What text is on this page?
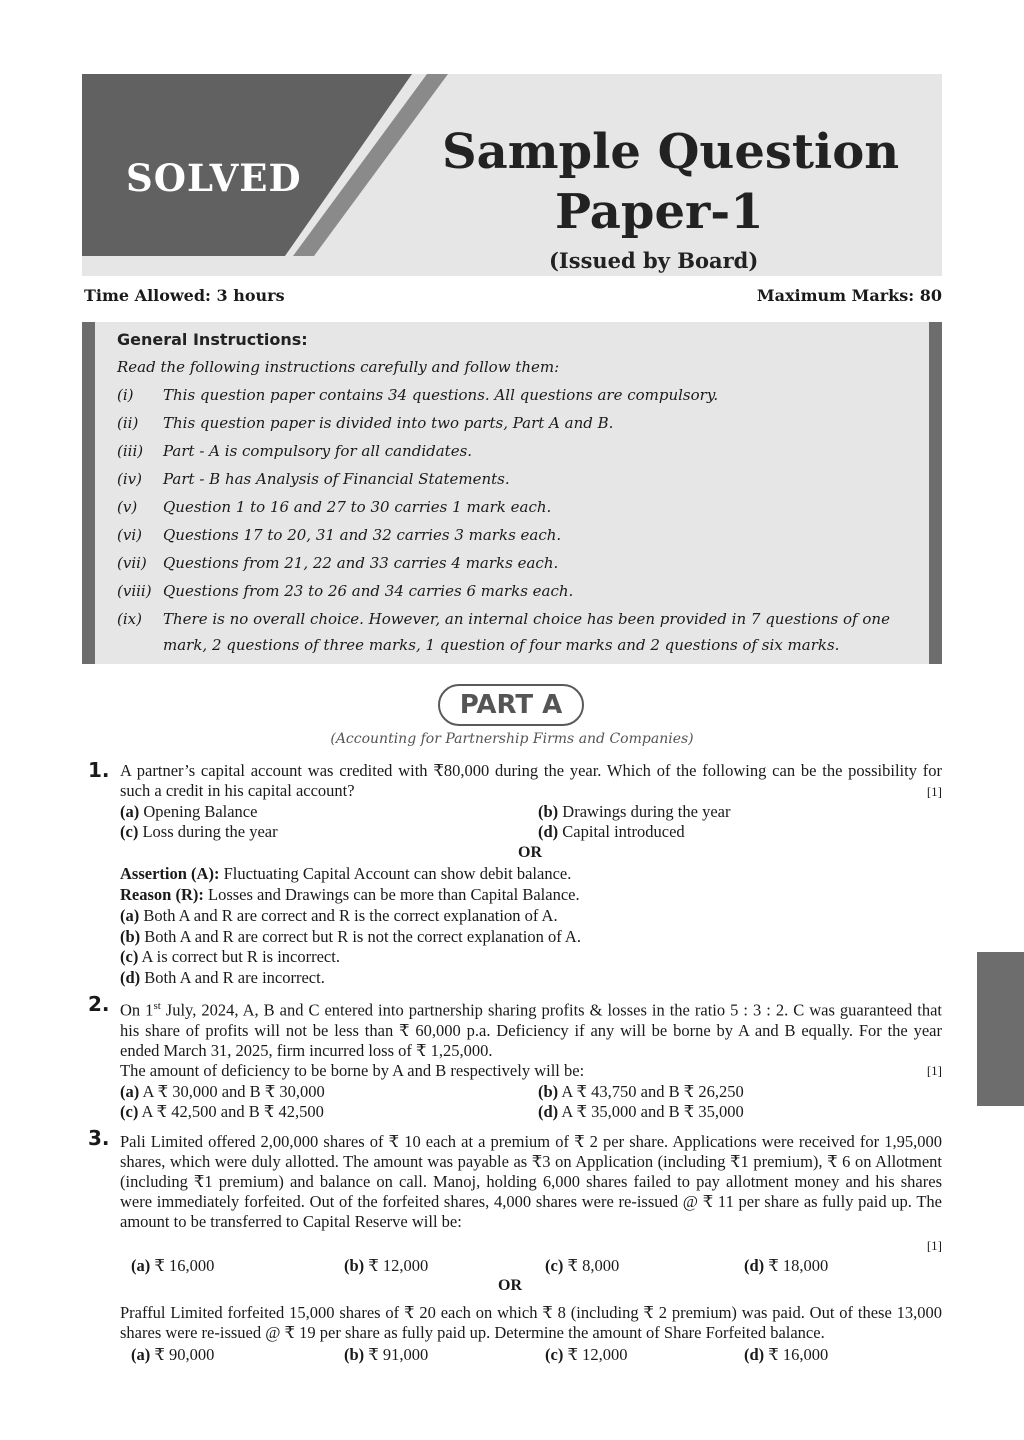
SOLVED	Sample Question
Paper-1
(Issued by Board)
Time Allowed: 3 hours	Maximum Marks: 80
General Instructions:
Read the following instructions carefully and follow them:
(i) This question paper contains 34 questions. All questions are compulsory.
(ii) This question paper is divided into two parts, Part A and B.
(iii) Part - A is compulsory for all candidates.
(iv) Part - B has Analysis of Financial Statements.
(v) Question 1 to 16 and 27 to 30 carries 1 mark each.
(vi) Questions 17 to 20, 31 and 32 carries 3 marks each.
(vii) Questions from 21, 22 and 33 carries 4 marks each.
(viii) Questions from 23 to 26 and 34 carries 6 marks each.
(ix) There is no overall choice. However, an internal choice has been provided in 7 questions of one mark, 2 questions of three marks, 1 question of four marks and 2 questions of six marks.
PART A
(Accounting for Partnership Firms and Companies)
1. A partner’s capital account was credited with ₹80,000 during the year. Which of the following can be the possibility for such a credit in his capital account?	[1]
(a) Opening Balance	(b) Drawings during the year
(c) Loss during the year	(d) Capital introduced
OR
Assertion (A): Fluctuating Capital Account can show debit balance.
Reason (R): Losses and Drawings can be more than Capital Balance.
(a) Both A and R are correct and R is the correct explanation of A.
(b) Both A and R are correct but R is not the correct explanation of A.
(c) A is correct but R is incorrect.
(d) Both A and R are incorrect.
2. On 1st July, 2024, A, B and C entered into partnership sharing profits & losses in the ratio 5 : 3 : 2. C was guaranteed that his share of profits will not be less than ₹ 60,000 p.a. Deficiency if any will be borne by A and B equally. For the year ended March 31, 2025, firm incurred loss of ₹ 1,25,000.
The amount of deficiency to be borne by A and B respectively will be:	[1]
(a) A ₹ 30,000 and B ₹ 30,000	(b) A ₹ 43,750 and B ₹ 26,250
(c) A ₹ 42,500 and B ₹ 42,500	(d) A ₹ 35,000 and B ₹ 35,000
3. Pali Limited offered 2,00,000 shares of ₹ 10 each at a premium of ₹ 2 per share. Applications were received for 1,95,000 shares, which were duly allotted. The amount was payable as ₹3 on Application (including ₹1 premium), ₹ 6 on Allotment (including ₹1 premium) and balance on call. Manoj, holding 6,000 shares failed to pay allotment money and his shares were immediately forfeited. Out of the forfeited shares, 4,000 shares were re-issued @ ₹ 11 per share as fully paid up. The amount to be transferred to Capital Reserve will be:
[1]
(a) ₹ 16,000	(b) ₹ 12,000	(c) ₹ 8,000	(d) ₹ 18,000
OR
Prafful Limited forfeited 15,000 shares of ₹ 20 each on which ₹ 8 (including ₹ 2 premium) was paid. Out of these 13,000 shares were re-issued @ ₹ 19 per share as fully paid up. Determine the amount of Share Forfeited balance.
(a) ₹ 90,000	(b) ₹ 91,000	(c) ₹ 12,000	(d) ₹ 16,000
